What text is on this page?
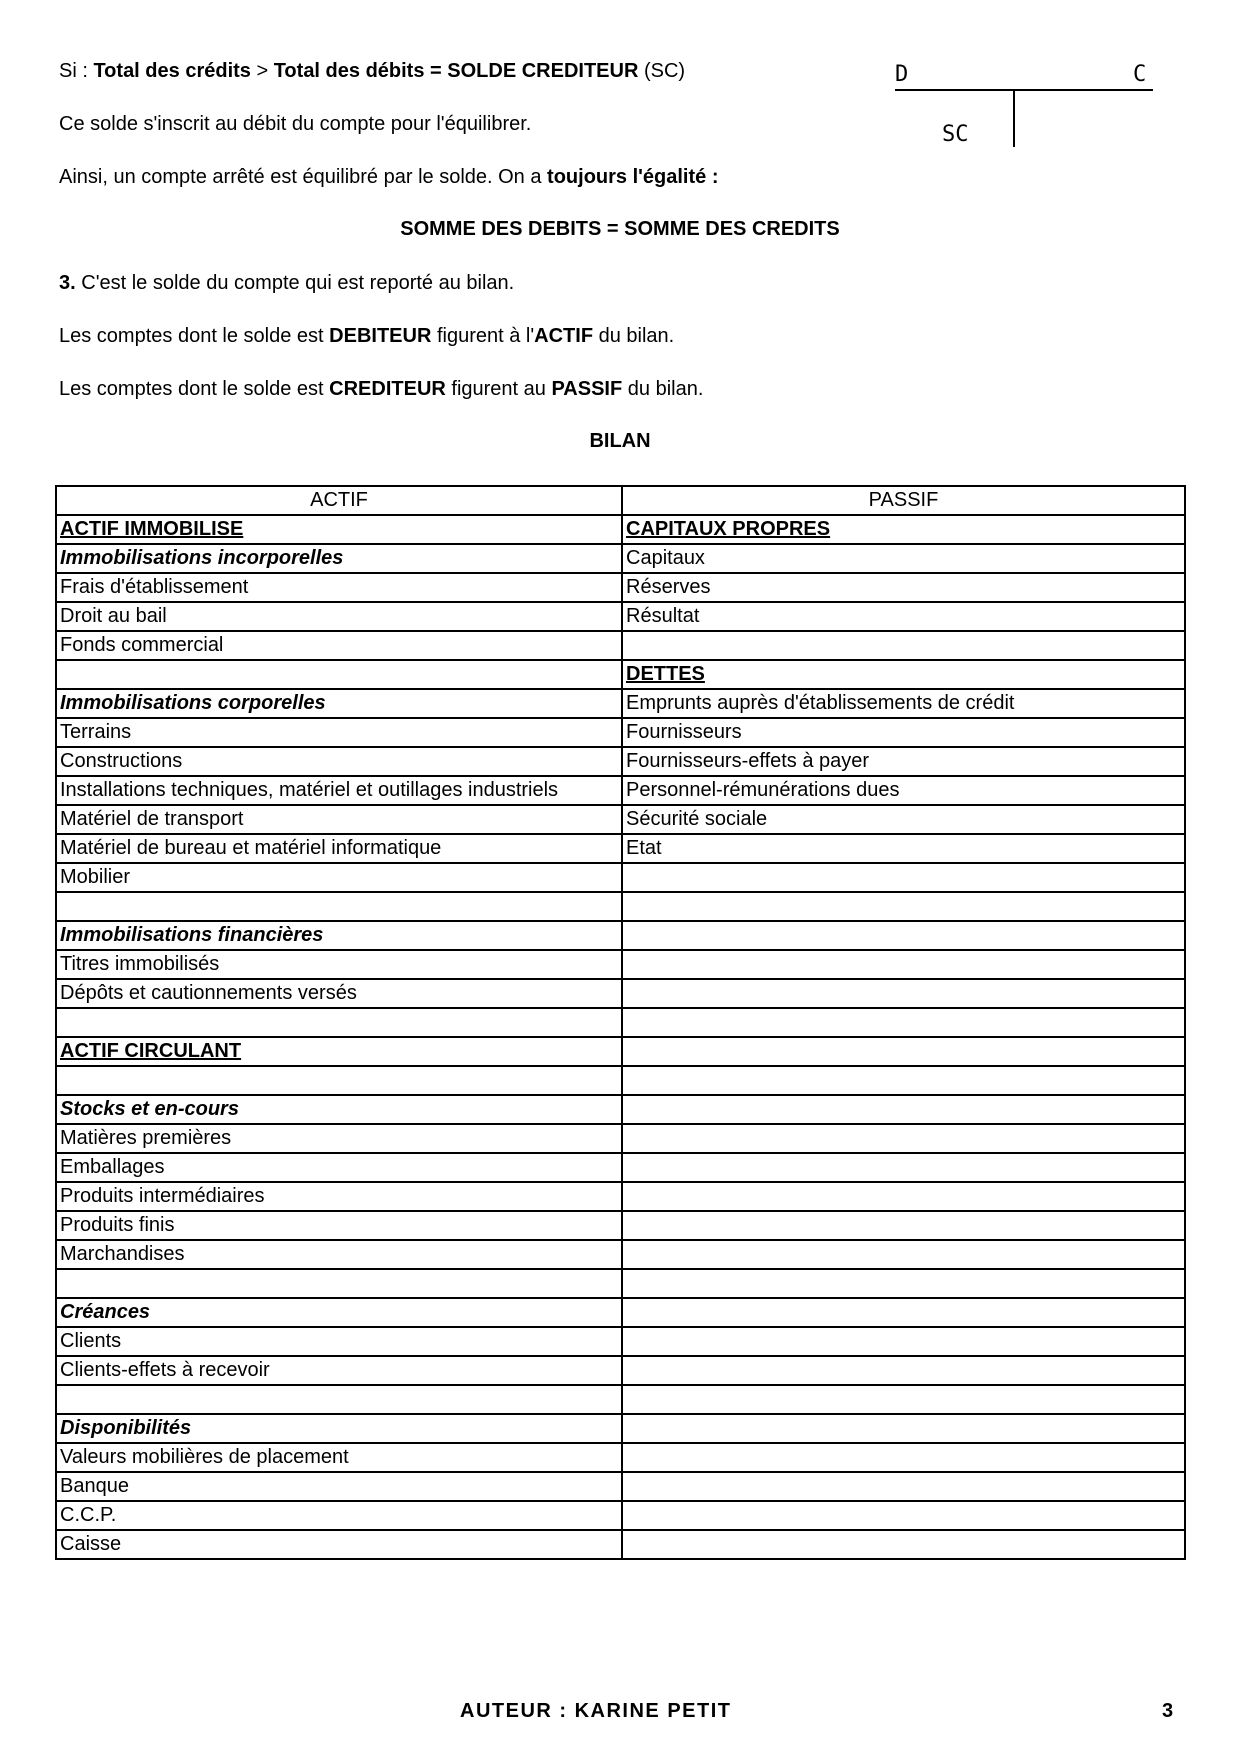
Si : Total des crédits > Total des débits = SOLDE CREDITEUR (SC)
Ce solde s'inscrit au débit du compte pour l'équilibrer.
Ainsi, un compte arrêté est équilibré par le solde. On a toujours l'égalité :
SOMME DES DEBITS = SOMME DES CREDITS
3. C'est le solde du compte qui est reporté au bilan.
Les comptes dont le solde est DEBITEUR figurent à l'ACTIF du bilan.
Les comptes dont le solde est CREDITEUR figurent au PASSIF du bilan.
D	C
SC
BILAN
ACTIF	PASSIF
ACTIF IMMOBILISE	CAPITAUX PROPRES
Immobilisations incorporelles	Capitaux
Frais d'établissement	Réserves
Droit au bail	Résultat
Fonds commercial	
	DETTES
Immobilisations corporelles	Emprunts auprès d'établissements de crédit
Terrains	Fournisseurs
Constructions	Fournisseurs-effets à payer
Installations techniques, matériel et outillages industriels	Personnel-rémunérations dues
Matériel de transport	Sécurité sociale
Matériel de bureau et matériel informatique	Etat
Mobilier	

Immobilisations financières	
Titres immobilisés	
Dépôts et cautionnements versés	

ACTIF CIRCULANT	

Stocks et en-cours	
Matières premières	
Emballages	
Produits intermédiaires	
Produits finis	
Marchandises	

Créances	
Clients	
Clients-effets à recevoir	

Disponibilités	
Valeurs mobilières de placement	
Banque	
C.C.P.	
Caisse	
AUTEUR : KARINE PETIT	3
